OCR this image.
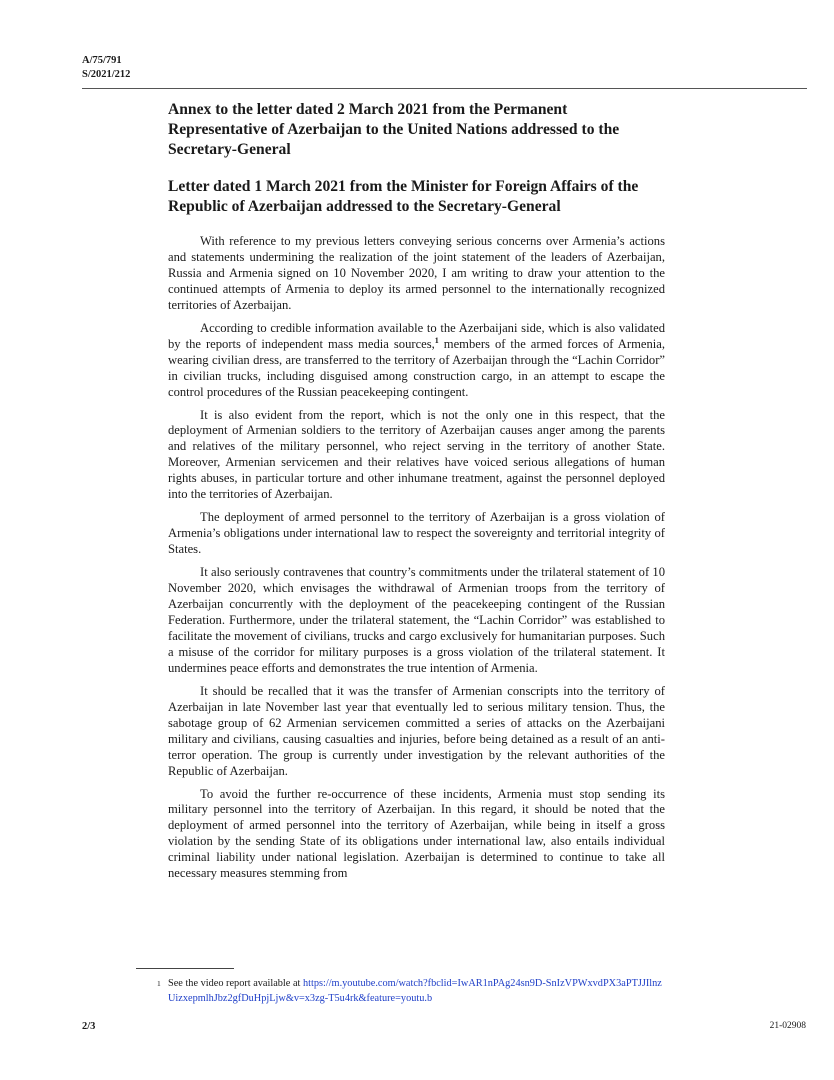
A/75/791
S/2021/212

Annex to the letter dated 2 March 2021 from the Permanent Representative of Azerbaijan to the United Nations addressed to the Secretary-General

Letter dated 1 March 2021 from the Minister for Foreign Affairs of the Republic of Azerbaijan addressed to the Secretary-General

With reference to my previous letters conveying serious concerns over Armenia’s actions and statements undermining the realization of the joint statement of the leaders of Azerbaijan, Russia and Armenia signed on 10 November 2020, I am writing to draw your attention to the continued attempts of Armenia to deploy its armed personnel to the internationally recognized territories of Azerbaijan.

According to credible information available to the Azerbaijani side, which is also validated by the reports of independent mass media sources,$^1$ members of the armed forces of Armenia, wearing civilian dress, are transferred to the territory of Azerbaijan through the “Lachin Corridor” in civilian trucks, including disguised among construction cargo, in an attempt to escape the control procedures of the Russian peacekeeping contingent.

It is also evident from the report, which is not the only one in this respect, that the deployment of Armenian soldiers to the territory of Azerbaijan causes anger among the parents and relatives of the military personnel, who reject serving in the territory of another State. Moreover, Armenian servicemen and their relatives have voiced serious allegations of human rights abuses, in particular torture and other inhumane treatment, against the personnel deployed into the territories of Azerbaijan.

The deployment of armed personnel to the territory of Azerbaijan is a gross violation of Armenia’s obligations under international law to respect the sovereignty and territorial integrity of States.

It also seriously contravenes that country’s commitments under the trilateral statement of 10 November 2020, which envisages the withdrawal of Armenian troops from the territory of Azerbaijan concurrently with the deployment of the peacekeeping contingent of the Russian Federation. Furthermore, under the trilateral statement, the “Lachin Corridor” was established to facilitate the movement of civilians, trucks and cargo exclusively for humanitarian purposes. Such a misuse of the corridor for military purposes is a gross violation of the trilateral statement. It undermines peace efforts and demonstrates the true intention of Armenia.

It should be recalled that it was the transfer of Armenian conscripts into the territory of Azerbaijan in late November last year that eventually led to serious military tension. Thus, the sabotage group of 62 Armenian servicemen committed a series of attacks on the Azerbaijani military and civilians, causing casualties and injuries, before being detained as a result of an anti-terror operation. The group is currently under investigation by the relevant authorities of the Republic of Azerbaijan.

To avoid the further re-occurrence of these incidents, Armenia must stop sending its military personnel into the territory of Azerbaijan. In this regard, it should be noted that the deployment of armed personnel into the territory of Azerbaijan, while being in itself a gross violation by the sending State of its obligations under international law, also entails individual criminal liability under national legislation. Azerbaijan is determined to continue to take all necessary measures stemming from

1 See the video report available at https://m.youtube.com/watch?fbclid=IwAR1nPAg24sn9D-SnIzVPWxvdPX3aPTJJIlnzUizxepmlhJbz2gfDuHpjLjw&v=x3zg-T5u4rk&feature=youtu.b
2/3	21-02908
